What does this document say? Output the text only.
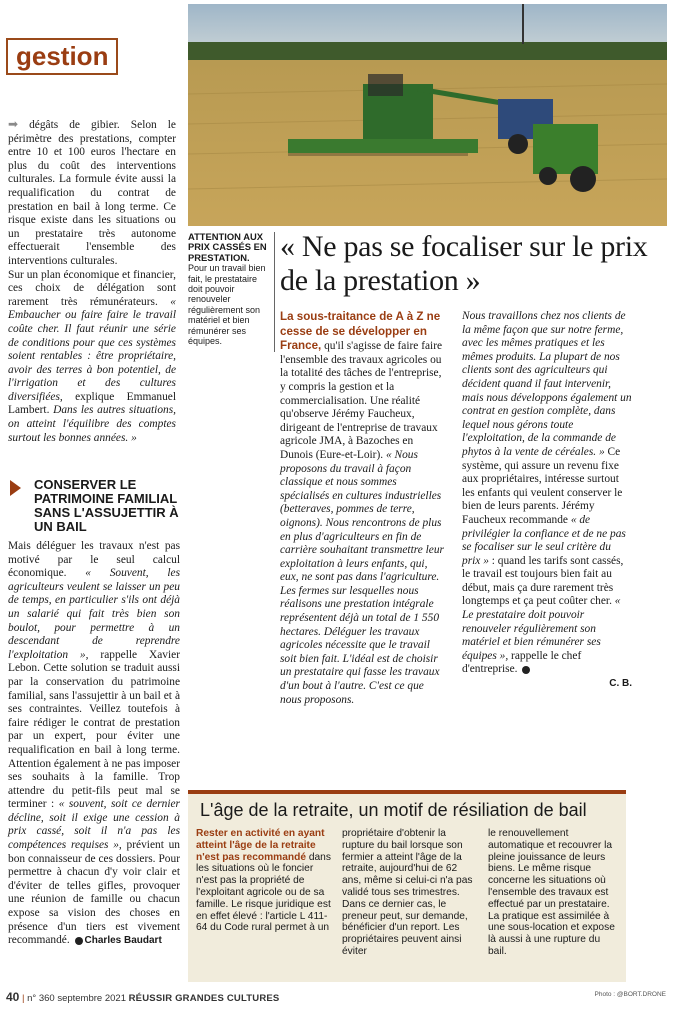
gestion

➡ dégâts de gibier. Selon le périmètre des prestations, compter entre 10 et 100 euros l'hectare en plus du coût des interventions culturales. La formule évite aussi la requalification du contrat de prestation en bail à long terme. Ce risque existe dans les situations ou un prestataire très autonome effectuerait l'ensemble des interventions culturales.

Sur un plan économique et financier, ces choix de délégation sont rarement très rémunérateurs. « Embaucher ou faire faire le travail coûte cher. Il faut réunir une série de conditions pour que ces systèmes soient rentables : être propriétaire, avoir des terres à bon potentiel, de l'irrigation et des cultures diversifiées, explique Emmanuel Lambert. Dans les autres situations, on atteint l'équilibre des comptes surtout les bonnes années. »

CONSERVER LE PATRIMOINE FAMILIAL SANS L'ASSUJETTIR À UN BAIL

Mais déléguer les travaux n'est pas motivé par le seul calcul économique. « Souvent, les agriculteurs veulent se laisser un peu de temps, en particulier s'ils ont déjà un salarié qui fait très bien son boulot, pour permettre à un descendant de reprendre l'exploitation », rappelle Xavier Lebon. Cette solution se traduit aussi par la conservation du patrimoine familial, sans l'assujettir à un bail et à ses contraintes. Veillez toutefois à faire rédiger le contrat de prestation par un expert, pour éviter une requalification en bail à long terme. Attention également à ne pas imposer ses souhaits à la famille. Trop attendre du petit-fils peut mal se terminer : « souvent, soit ce dernier décline, soit il exige une cession à prix cassé, soit il n'a pas les compétences requises », prévient un bon connaisseur de ces dossiers. Pour permettre à chacun d'y voir clair et d'éviter de telles gifles, provoquer une réunion de famille ou chacun expose sa vision des choses en présence d'un tiers est vivement recommandé. Charles Baudart

ATTENTION AUX PRIX CASSÉS EN PRESTATION.
Pour un travail bien fait, le prestataire doit pouvoir renouveler régulièrement son matériel et bien rémunérer ses équipes.
« Ne pas se focaliser sur le prix de la prestation »
La sous-traitance de A à Z ne cesse de se développer en France, qu'il s'agisse de faire faire l'ensemble des travaux agricoles ou la totalité des tâches de l'entreprise, y compris la gestion et la commercialisation. Une réalité qu'observe Jérémy Faucheux, dirigeant de l'entreprise de travaux agricole JMA, à Bazoches en Dunois (Eure-et-Loir). « Nous proposons du travail à façon classique et nous sommes spécialisés en cultures industrielles (betteraves, pommes de terre, oignons). Nous rencontrons de plus en plus d'agriculteurs en fin de carrière souhaitant transmettre leur exploitation à leurs enfants, qui, eux, ne sont pas dans l'agriculture. Les fermes sur lesquelles nous réalisons une prestation intégrale représentent déjà un total de 1 550 hectares. Déléguer les travaux agricoles nécessite que le travail soit bien fait. L'idéal est de choisir un prestataire qui fasse les travaux d'un bout à l'autre. C'est ce que nous proposons.
Nous travaillons chez nos clients de la même façon que sur notre ferme, avec les mêmes pratiques et les mêmes produits. La plupart de nos clients sont des agriculteurs qui décident quand il faut intervenir, mais nous développons également un contrat en gestion complète, dans lequel nous gérons toute l'exploitation, de la commande de phytos à la vente de céréales. » Ce système, qui assure un revenu fixe aux propriétaires, intéresse surtout les enfants qui veulent conserver le bien de leurs parents. Jérémy Faucheux recommande « de privilégier la confiance et de ne pas se focaliser sur le seul critère du prix » : quand les tarifs sont cassés, le travail est toujours bien fait au début, mais ça dure rarement très longtemps et ça peut coûter cher. « Le prestataire doit pouvoir renouveler régulièrement son matériel et bien rémunérer ses équipes », rappelle le chef d'entreprise.
C. B.
L'âge de la retraite, un motif de résiliation de bail
Rester en activité en ayant atteint l'âge de la retraite n'est pas recommandé dans les situations où le foncier n'est pas la propriété de l'exploitant agricole ou de sa famille. Le risque juridique est en effet élevé : l'article L 411-64 du Code rural permet à un
propriétaire d'obtenir la rupture du bail lorsque son fermier a atteint l'âge de la retraite, aujourd'hui de 62 ans, même si celui-ci n'a pas validé tous ses trimestres. Dans ce dernier cas, le preneur peut, sur demande, bénéficier d'un report. Les propriétaires peuvent ainsi éviter
le renouvellement automatique et recouvrer la pleine jouissance de leurs biens. Le même risque concerne les situations où l'ensemble des travaux est effectué par un prestataire. La pratique est assimilée à une sous-location et expose là aussi à une rupture du bail.
40 | n° 360 septembre 2021 RÉUSSIR GRANDES CULTURES	Photo : @BORT.DRONE
